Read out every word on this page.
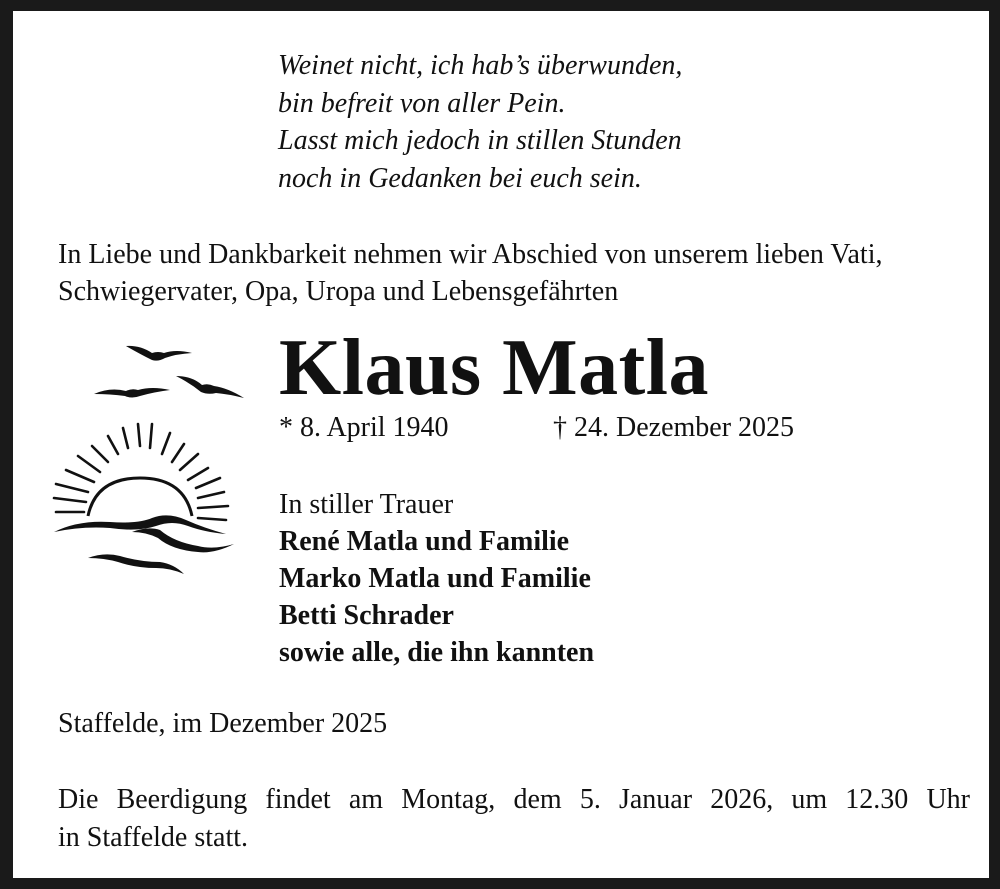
Weinet nicht, ich hab’s überwunden,
bin befreit von aller Pein.
Lasst mich jedoch in stillen Stunden
noch in Gedanken bei euch sein.
In Liebe und Dankbarkeit nehmen wir Abschied von unserem lieben Vati,
Schwiegervater, Opa, Uropa und Lebensgefährten
Klaus Matla
* 8. April 1940	† 24. Dezember 2025
In stiller Trauer
René Matla und Familie
Marko Matla und Familie
Betti Schrader
sowie alle, die ihn kannten
Staffelde, im Dezember 2025
Die Beerdigung findet am Montag, dem 5. Januar 2026, um 12.30 Uhr
in Staffelde statt.
